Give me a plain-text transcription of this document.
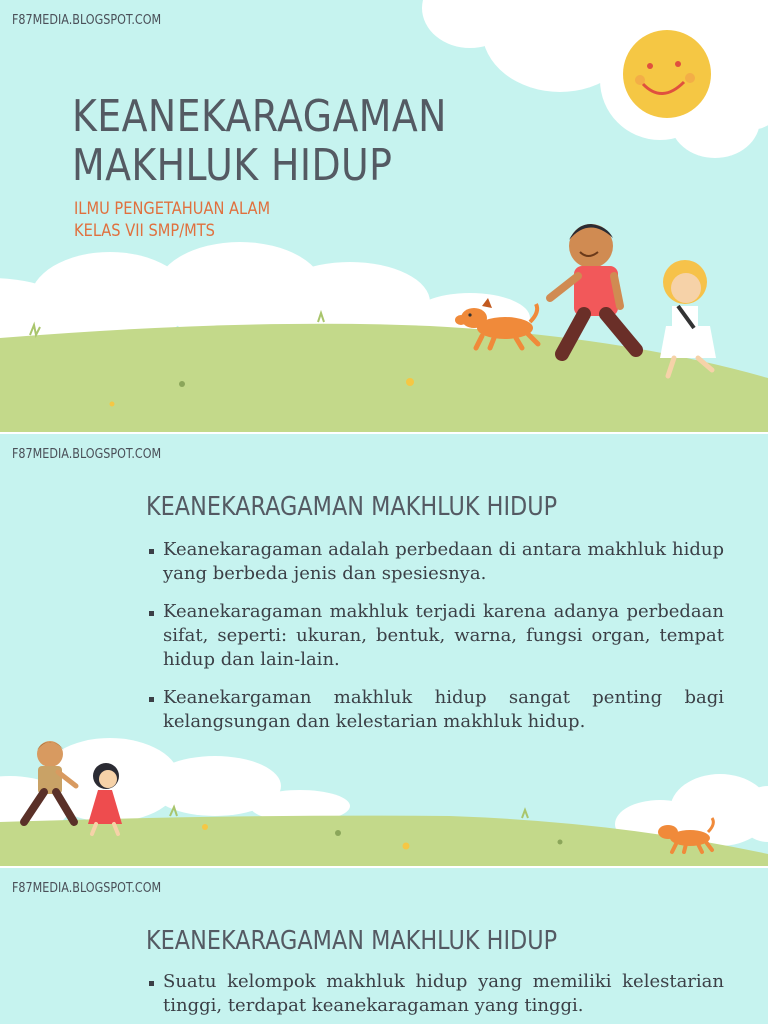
F87MEDIA.BLOGSPOT.COM
KEANEKARAGAMAN
MAKHLUK HIDUP
ILMU PENGETAHUAN ALAM
KELAS VII SMP/MTS
F87MEDIA.BLOGSPOT.COM
KEANEKARAGAMAN MAKHLUK HIDUP
Keanekaragaman adalah perbedaan di antara makhluk hidup yang berbeda jenis dan spesiesnya.
Keanekaragaman makhluk terjadi karena adanya perbedaan sifat, seperti: ukuran, bentuk, warna, fungsi organ, tempat hidup dan lain-lain.
Keanekargaman makhluk hidup sangat penting bagi kelangsungan dan kelestarian makhluk hidup.
F87MEDIA.BLOGSPOT.COM
KEANEKARAGAMAN MAKHLUK HIDUP
Suatu kelompok makhluk hidup yang memiliki kelestarian tinggi, terdapat keanekaragaman yang tinggi.
